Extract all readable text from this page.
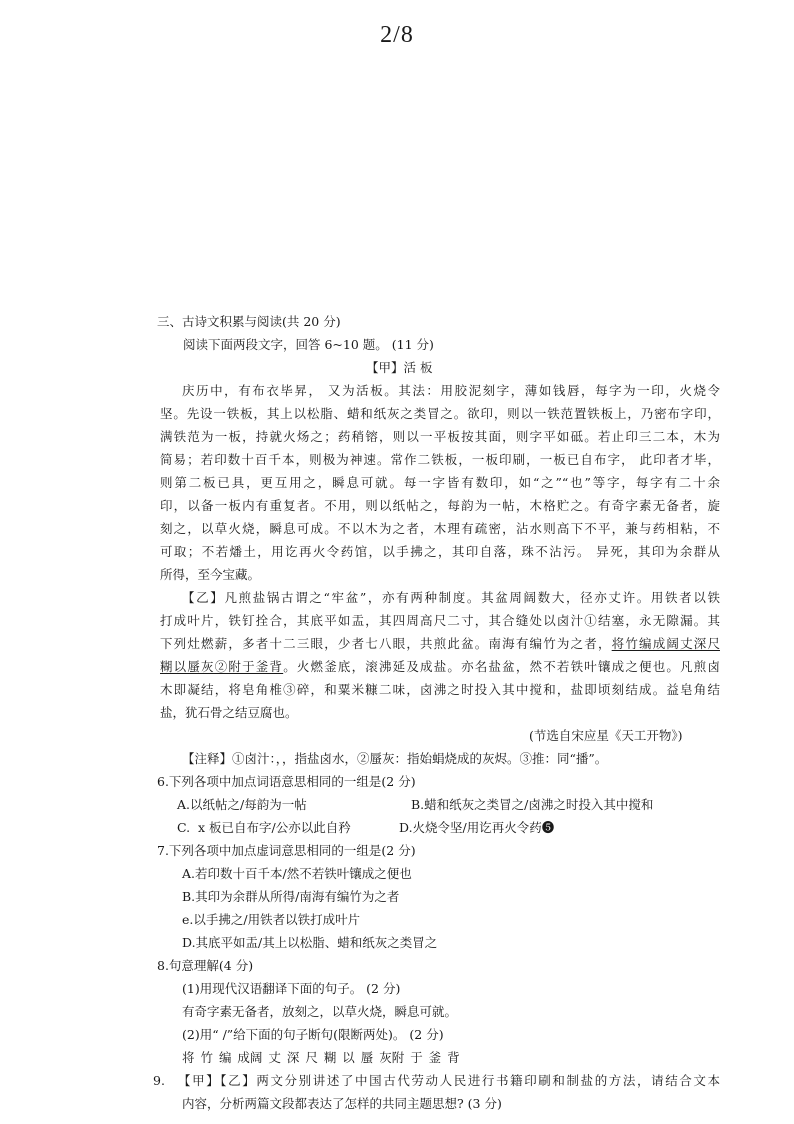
2/8
三、古诗文积累与阅读(共 20 分)
阅读下面两段文字，回答 6~10 题。 (11 分)
【甲】活 板
庆历中，有布衣毕昇， 又为活板。其法：用胶泥刻字，薄如钱唇，每字为一印，火烧令
坚。先设一铁板，其上以松脂、蜡和纸灰之类冒之。欲印，则以一铁范置铁板上，乃密布字印，
满铁范为一板，持就火炀之；药稍镕，则以一平板按其面，则字平如砥。若止印三二本，木为
简易；若印数十百千本，则极为神速。常作二铁板，一板印刷，一板已自布字， 此印者才毕，
则第二板已具，更互用之，瞬息可就。每一字皆有数印，如“之”“也”等字，每字有二十余
印，以备一板内有重复者。不用，则以纸帖之，每韵为一帖，木格贮之。有奇字素无备者，旋
刻之，以草火烧，瞬息可成。不以木为之者，木理有疏密，沾水则高下不平，兼与药相粘，不
可取；不若燔土，用讫再火令药馆，以手拂之，其印自落，珠不沾污。 异死，其印为余群从
所得，至今宝藏。
【乙】凡煎盐锅古谓之“牢盆”，亦有两种制度。其盆周阔数大，径亦丈许。用铁者以铁
打成叶片，铁钉拴合，其底平如盂，其四周高尺二寸，其合缝处以卤汁①结塞，永无隙漏。其
下列灶燃薪，多者十二三眼，少者七八眼，共煎此盆。南海有编竹为之者，将竹编成阔丈深尺
糊以蜃灰②附于釜背。火燃釜底，滚沸延及成盐。亦名盐盆，然不若铁叶镶成之便也。凡煎卤
木即凝结，将皂角椎③碎，和粟米糠二味，卤沸之时投入其中搅和，盐即顷刻结成。益皂角结
盐，犹石骨之结豆腐也。
(节选自宋应星《天工开物》)
【注释】①卤汁：，，指盐卤水，②蜃灰：指始蜎烧成的灰烬。③推：同“播”。
6.下列各项中加点词语意思相同的一组是(2 分)
A.以纸帖之/每韵为一帖	B.蜡和纸灰之类冒之/卤沸之时投入其中搅和
C.  x 板已自布字/公亦以此自矜	D.火烧令坚/用讫再火令药❺
7.下列各项中加点虚词意思相同的一组是(2 分)
A.若印数十百千本/然不若铁叶镶成之便也
B.其印为余群从所得/南海有编竹为之者
e.以手拂之/用铁者以铁打成叶片
D.其底平如盂/其上以松脂、蜡和纸灰之类冒之
8.句意理解(4 分)
(1)用现代汉语翻译下面的句子。 (2 分)
有奇字素无备者，放刻之，以草火烧，瞬息可就。
(2)用“ /”给下面的句子断句(限断两处)。 (2 分)
将 竹 编 成阔 丈 深 尺 糊 以 蜃 灰附 于 釜 背
9. 【甲】【乙】两文分别讲述了中国古代劳动人民进行书籍印刷和制盐的方法，请结合文本
内容，分析两篇文段都表达了怎样的共同主题思想? (3 分)
